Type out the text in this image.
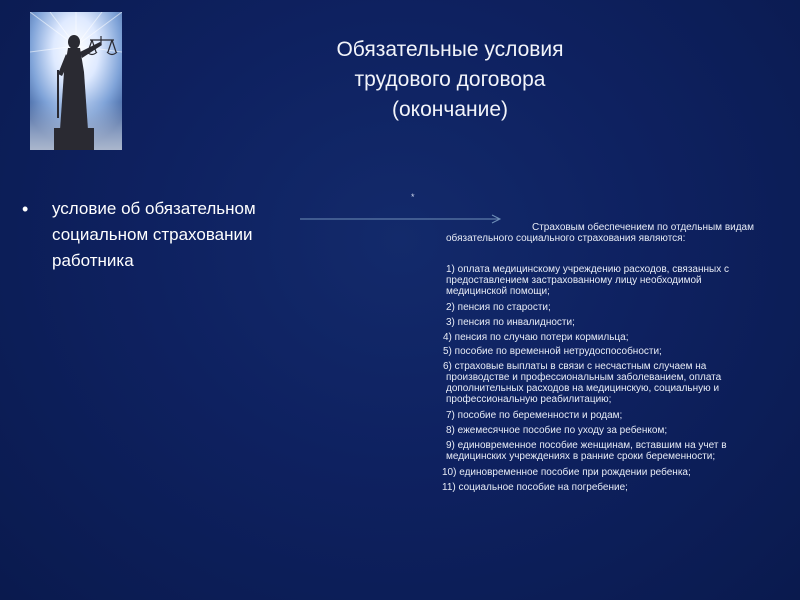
Обязательные условия
трудового договора
(окончание)
• условие об обязательном
социальном страховании
работника
*
Страховым обеспечением по отдельным видам
обязательного социального страхования являются:
1) оплата медицинскому учреждению расходов, связанных с
предоставлением застрахованному лицу необходимой
медицинской помощи;
2) пенсия по старости;
3) пенсия по инвалидности;
4) пенсия по случаю потери кормильца;
5) пособие по временной нетрудоспособности;
6) страховые выплаты в связи с несчастным случаем на
производстве и профессиональным заболеванием, оплата
дополнительных расходов на медицинскую, социальную и
профессиональную реабилитацию;
7) пособие по беременности и родам;
8) ежемесячное пособие по уходу за ребенком;
9) единовременное пособие женщинам, вставшим на учет в
медицинских учреждениях в ранние сроки беременности;
10) единовременное пособие при рождении ребенка;
11) социальное пособие на погребение;
